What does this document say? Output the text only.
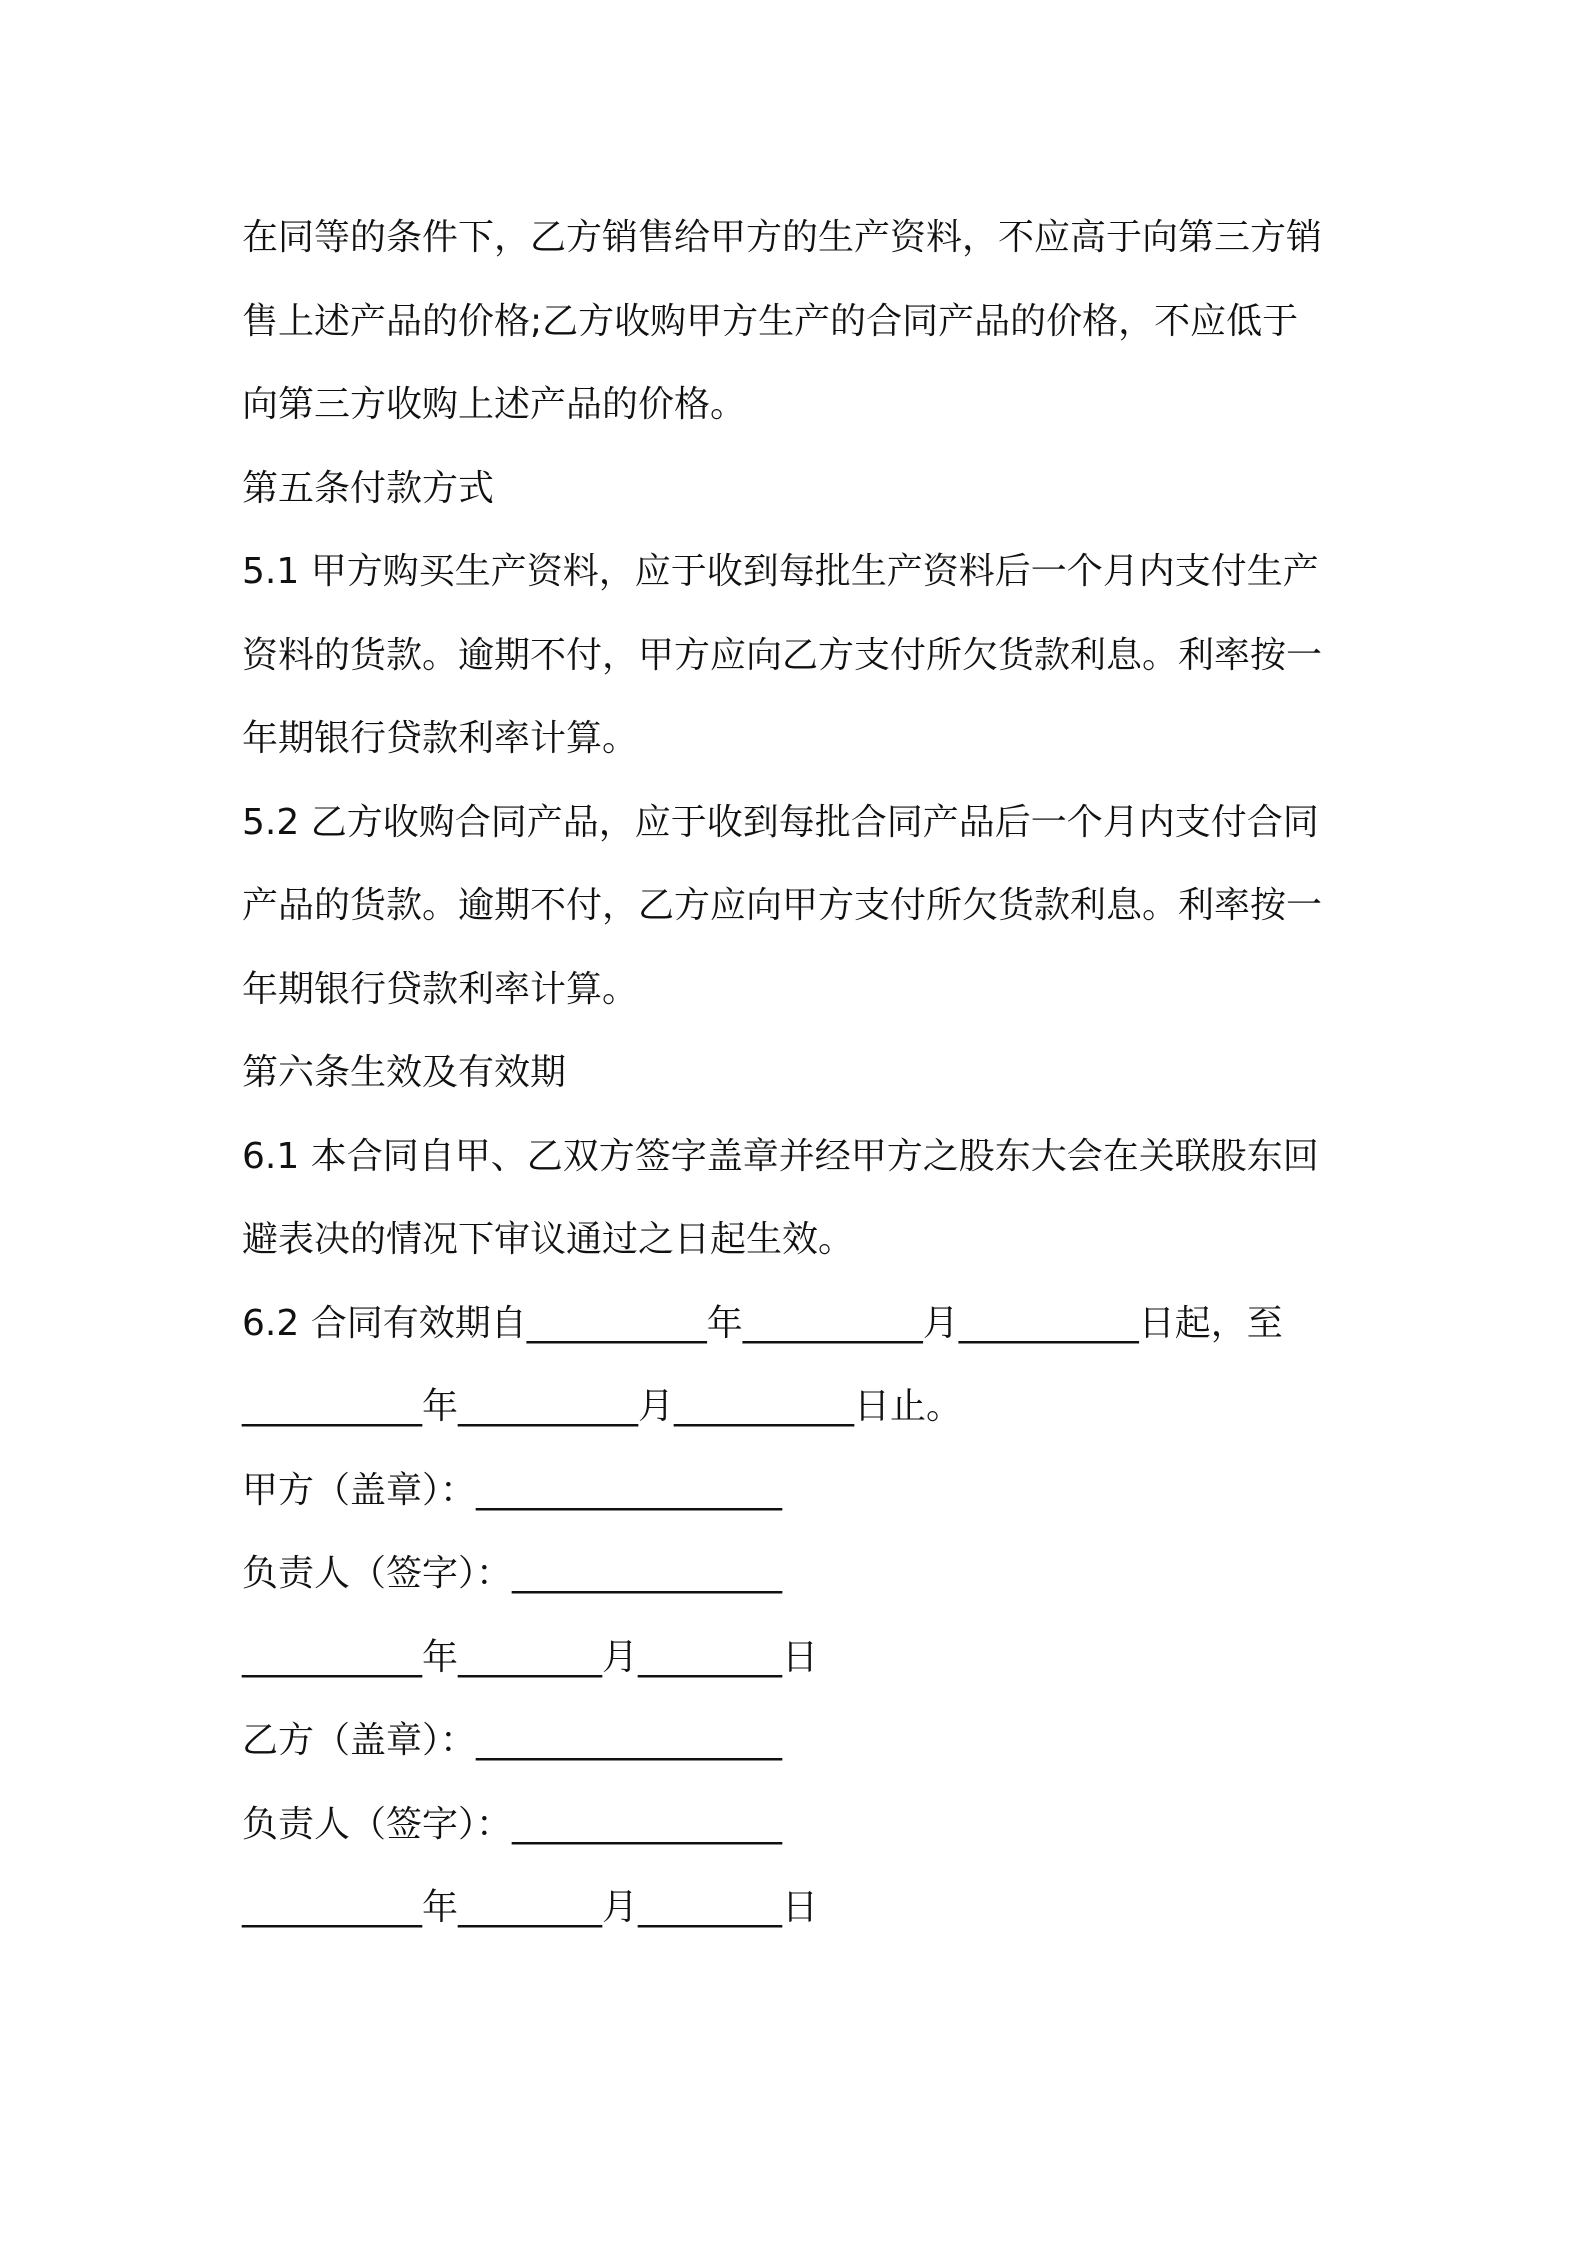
在同等的条件下，乙方销售给甲方的生产资料，不应高于向第三方销
售上述产品的价格;乙方收购甲方生产的合同产品的价格，不应低于
向第三方收购上述产品的价格。
第五条付款方式
5.1 甲方购买生产资料，应于收到每批生产资料后一个月内支付生产
资料的货款。逾期不付，甲方应向乙方支付所欠货款利息。利率按一
年期银行贷款利率计算。
5.2 乙方收购合同产品，应于收到每批合同产品后一个月内支付合同
产品的货款。逾期不付，乙方应向甲方支付所欠货款利息。利率按一
年期银行贷款利率计算。
第六条生效及有效期
6.1 本合同自甲、乙双方签字盖章并经甲方之股东大会在关联股东回
避表决的情况下审议通过之日起生效。
6.2 合同有效期自__________年__________月__________日起，至
__________年__________月__________日止。
甲方（盖章）：_________________
负责人（签字）：_______________
__________年________月________日
乙方（盖章）：_________________
负责人（签字）：_______________
__________年________月________日
